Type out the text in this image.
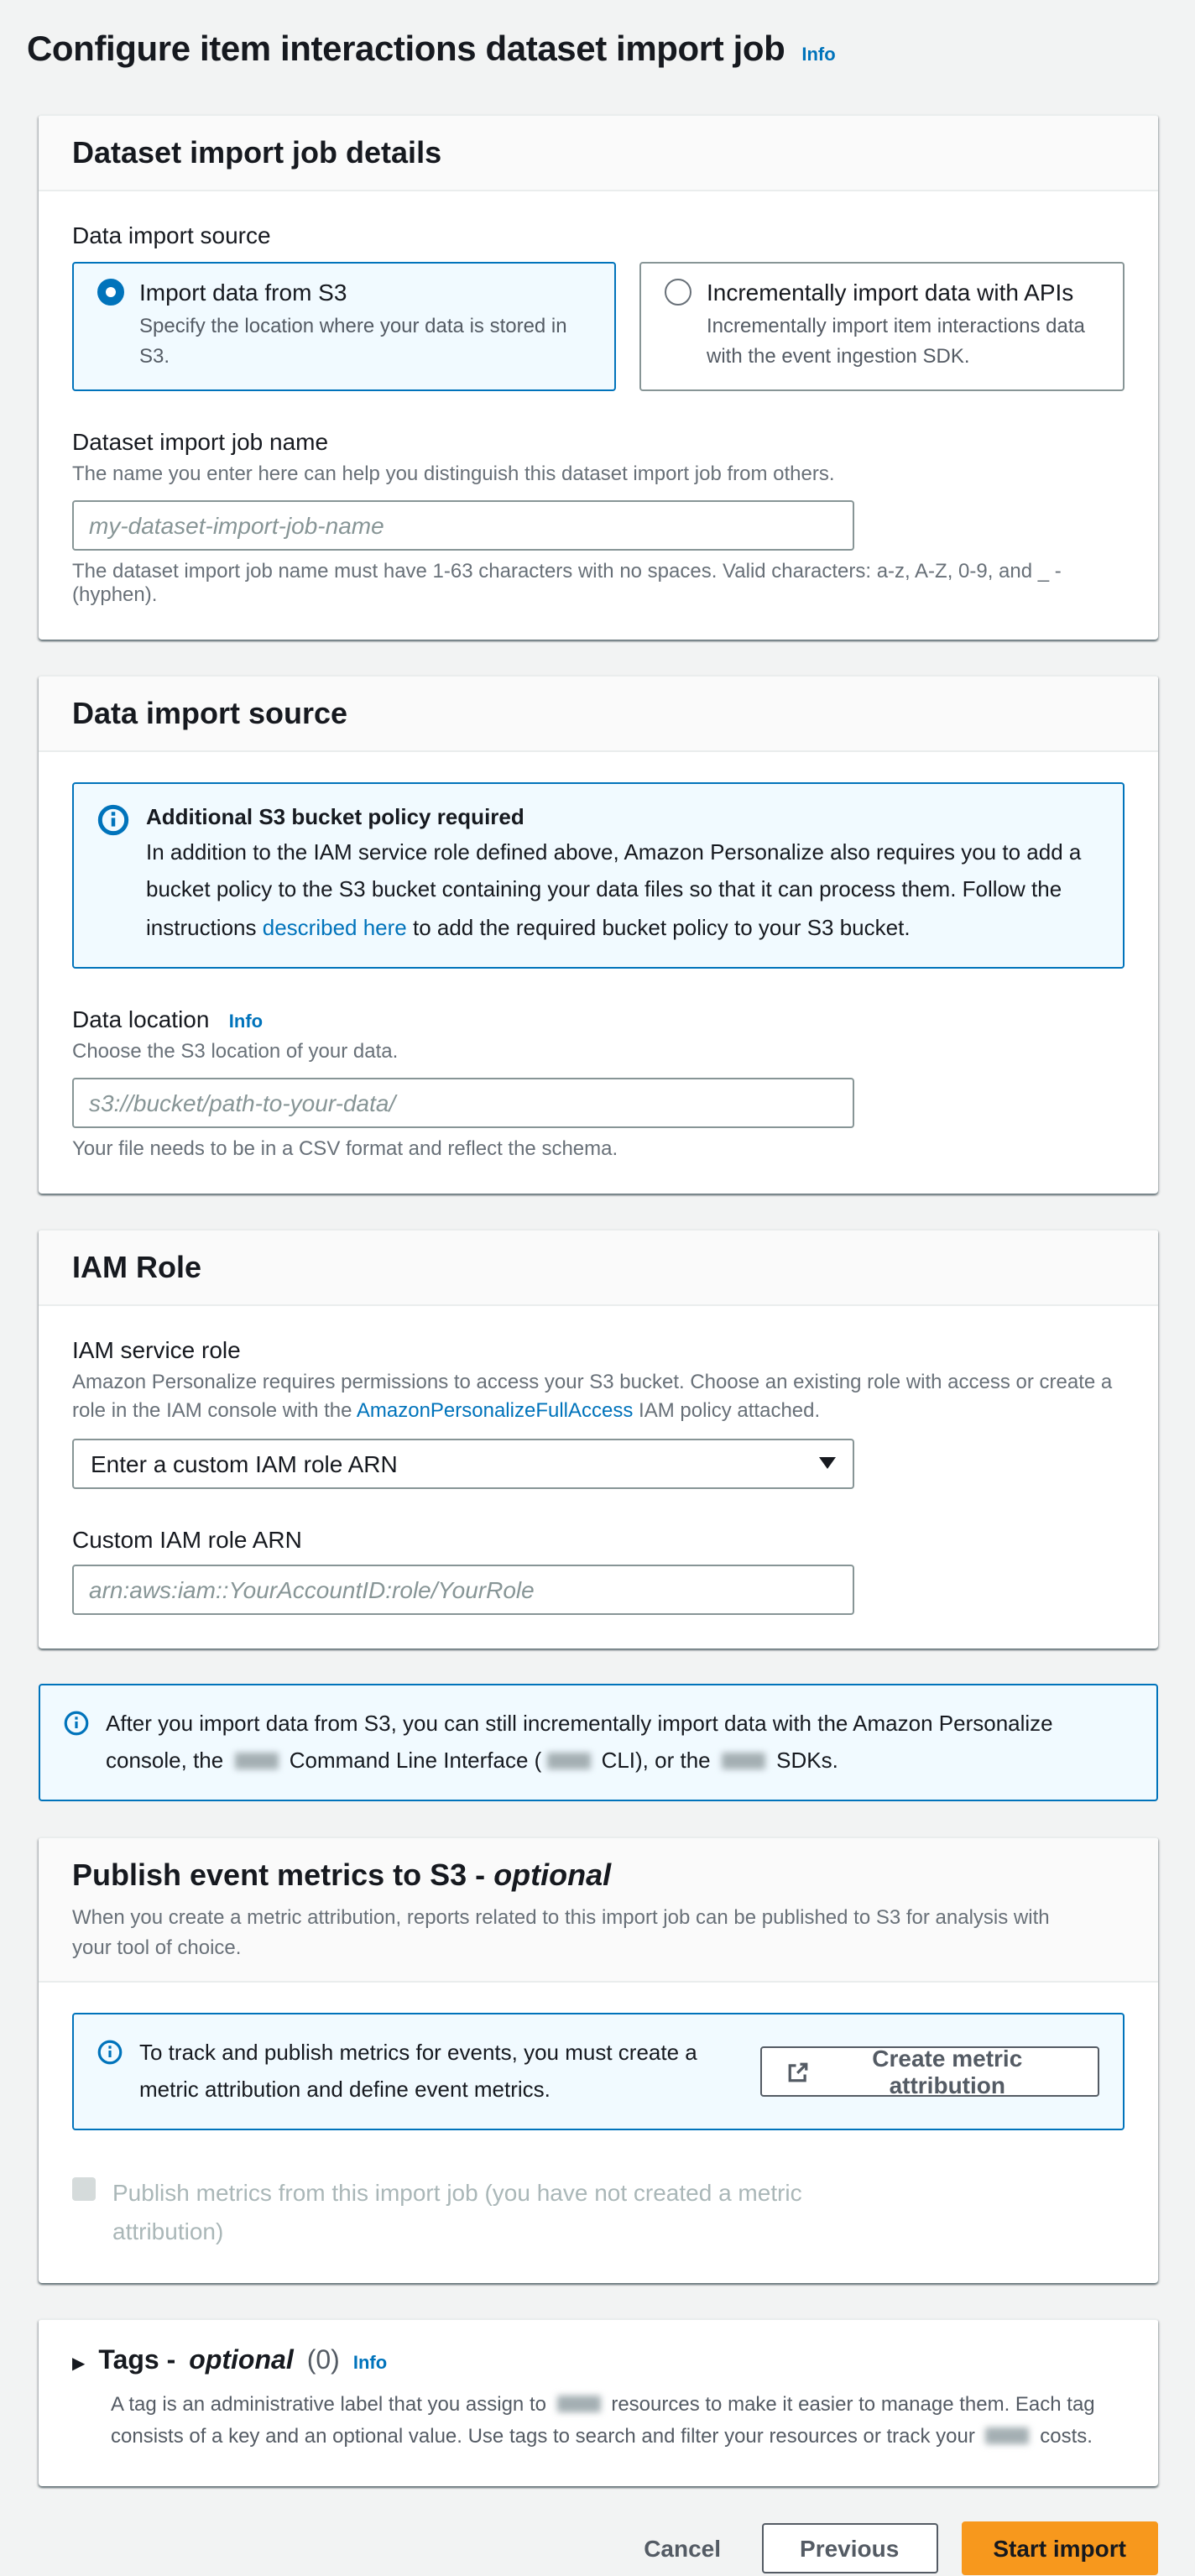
Configure item interactions dataset import job Info
Dataset import job details
Data import source
Import data from S3
Specify the location where your data is stored in S3.
Incrementally import data with APIs
Incrementally import item interactions data with the event ingestion SDK.
Dataset import job name
The name you enter here can help you distinguish this dataset import job from others.
my-dataset-import-job-name
The dataset import job name must have 1-63 characters with no spaces. Valid characters: a-z, A-Z, 0-9, and _ - (hyphen).
Data import source
Additional S3 bucket policy required
In addition to the IAM service role defined above, Amazon Personalize also requires you to add a bucket policy to the S3 bucket containing your data files so that it can process them. Follow the instructions described here to add the required bucket policy to your S3 bucket.
Data location Info
Choose the S3 location of your data.
s3://bucket/path-to-your-data/
Your file needs to be in a CSV format and reflect the schema.
IAM Role
IAM service role
Amazon Personalize requires permissions to access your S3 bucket. Choose an existing role with access or create a role in the IAM console with the AmazonPersonalizeFullAccess IAM policy attached.
Enter a custom IAM role ARN
Custom IAM role ARN
arn:aws:iam::YourAccountID:role/YourRole
After you import data from S3, you can still incrementally import data with the Amazon Personalize console, the	Command Line Interface (	CLI), or the	SDKs.
Publish event metrics to S3 - optional
When you create a metric attribution, reports related to this import job can be published to S3 for analysis with your tool of choice.
To track and publish metrics for events, you must create a metric attribution and define event metrics.
Create metric attribution
Publish metrics from this import job (you have not created a metric attribution)
▶ Tags - optional (0) Info
A tag is an administrative label that you assign to	resources to make it easier to manage them. Each tag consists of a key and an optional value. Use tags to search and filter your resources or track your	costs.
Cancel	Previous	Start import
